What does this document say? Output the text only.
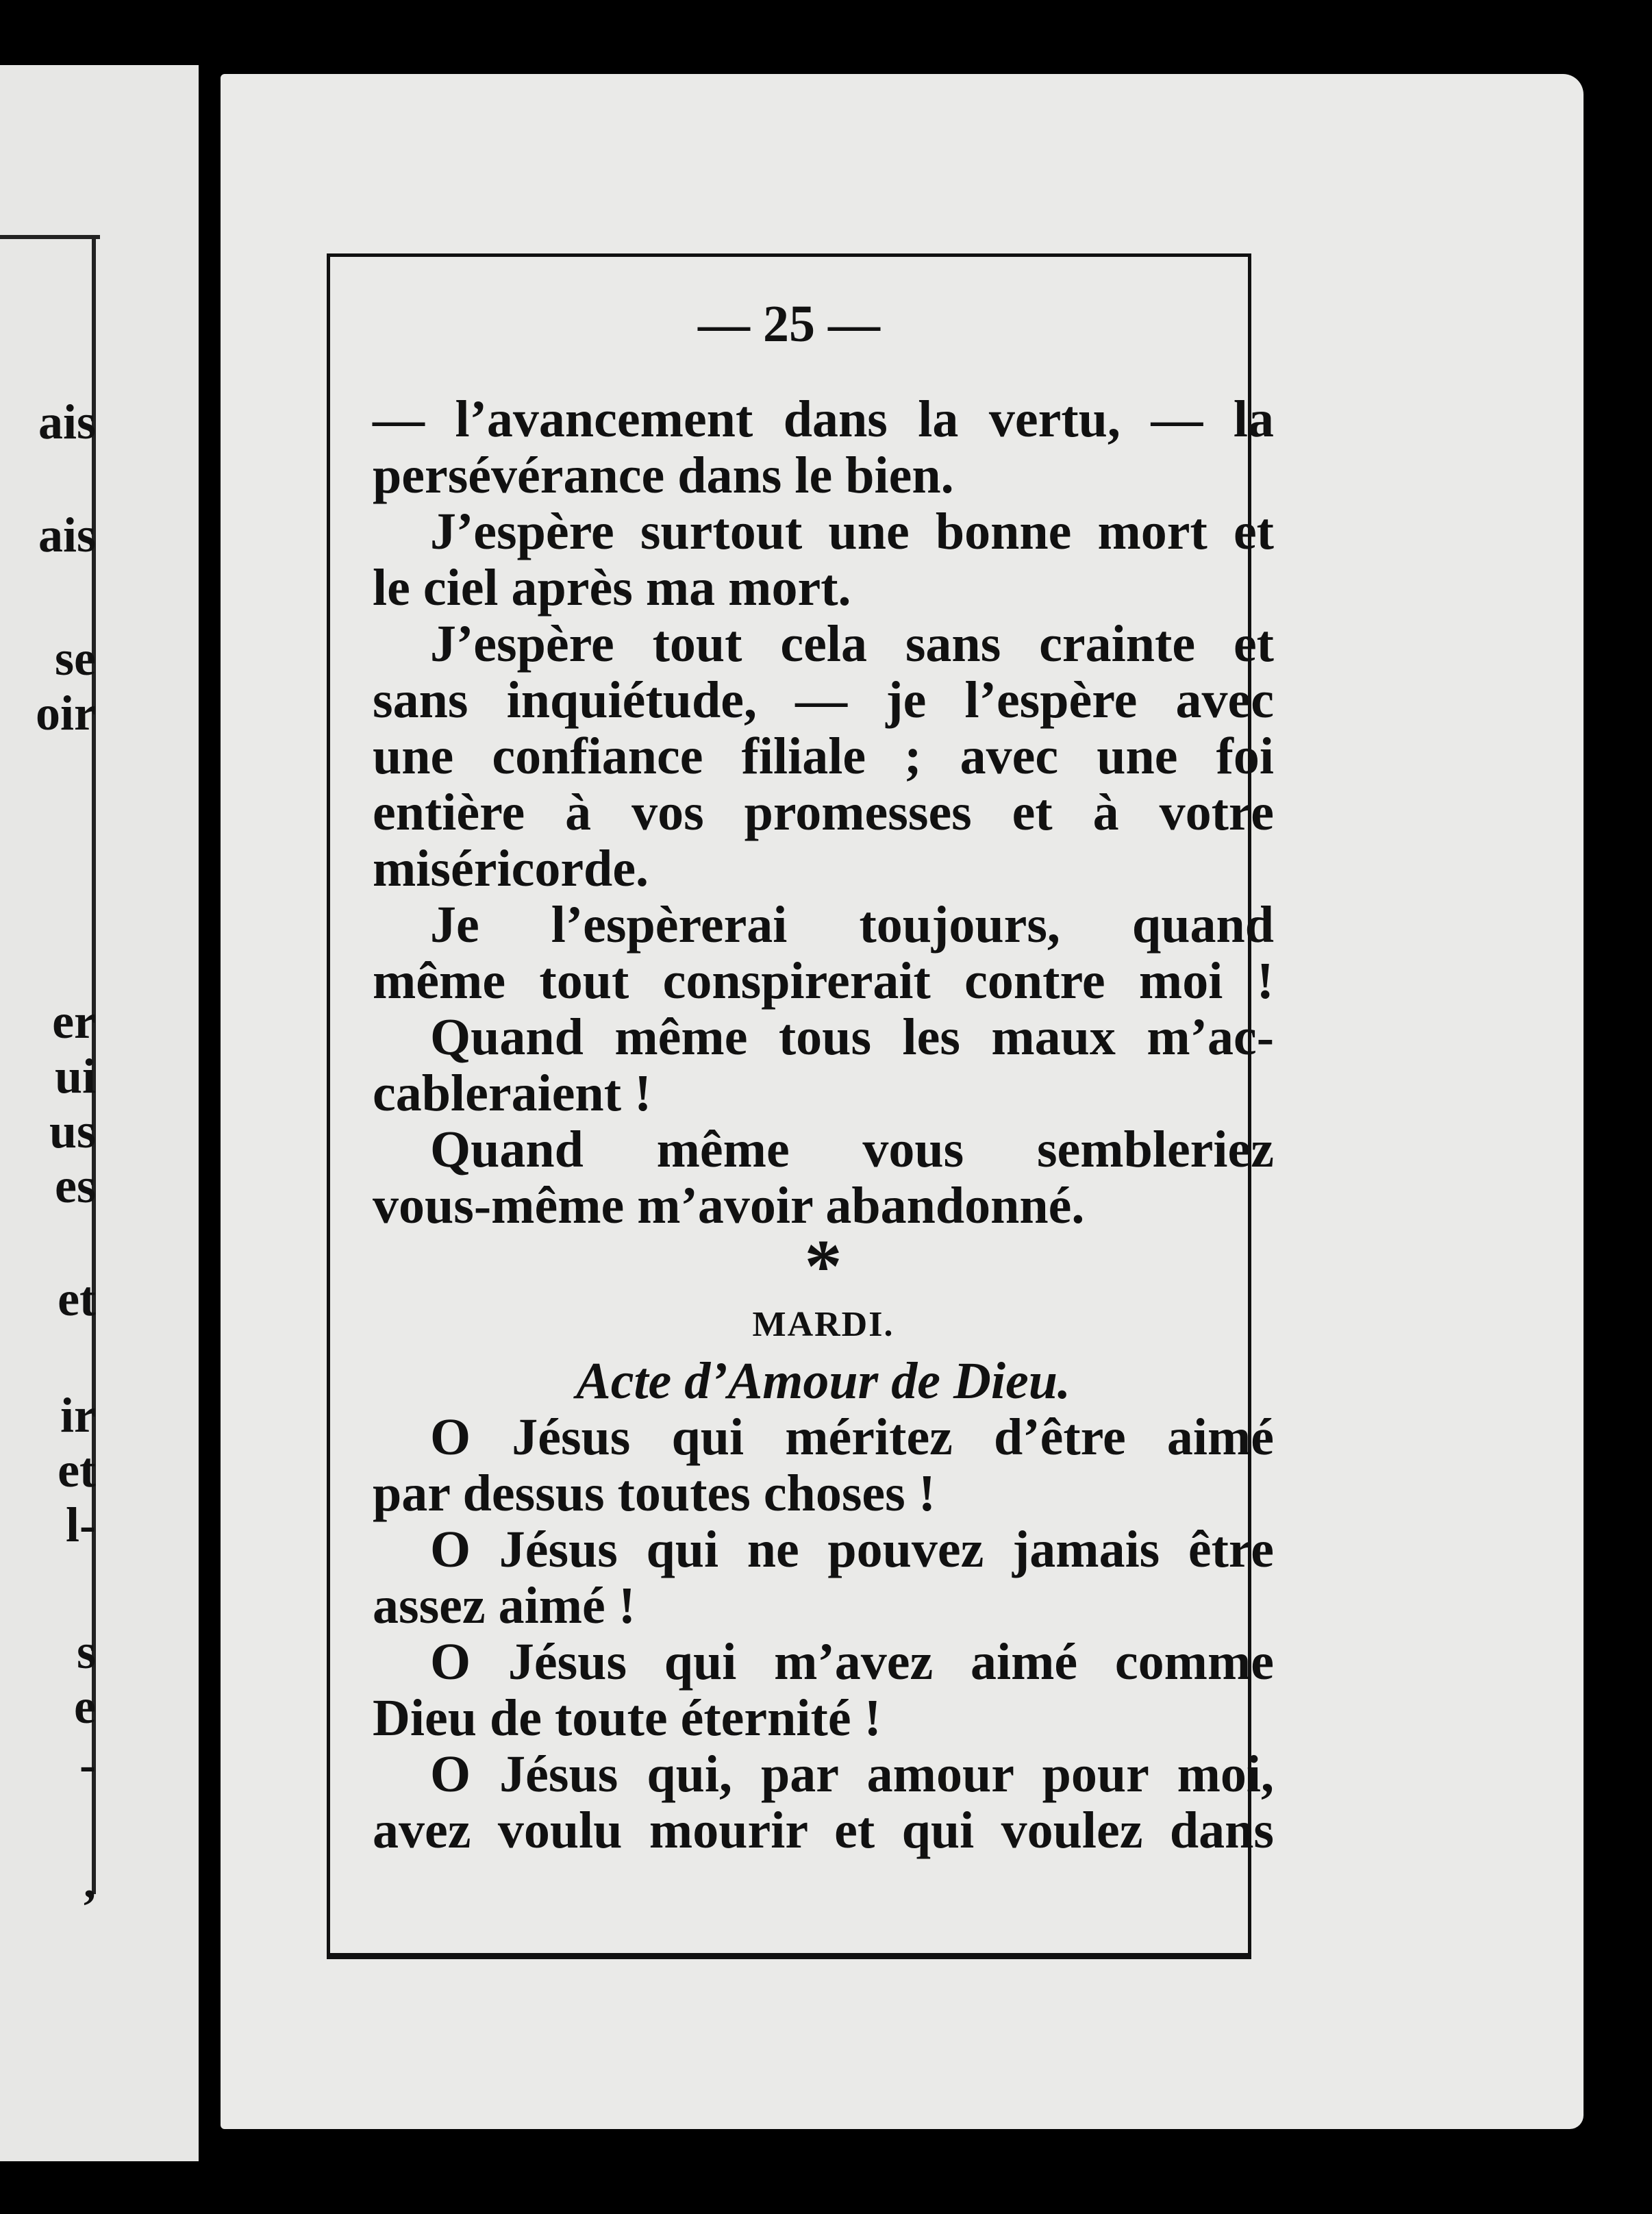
ais
ais
se
oir
er
ui
us
es
et
ir
et
l-
s
e
-
,
— 25 —
— l’avancement dans la vertu, — la
persévérance dans le bien.
J’espère surtout une bonne mort et
le ciel après ma mort.
J’espère tout cela sans crainte et
sans inquiétude, — je l’espère avec
une confiance filiale ; avec une foi
entière à vos promesses et à votre
miséricorde.
Je l’espèrerai toujours, quand
même tout conspirerait contre moi !
Quand même tous les maux m’ac-
cableraient !
Quand même vous sembleriez
vous-même m’avoir abandonné.
*
MARDI.
Acte d’Amour de Dieu.
O Jésus qui méritez d’être aimé
par dessus toutes choses !
O Jésus qui ne pouvez jamais être
assez aimé !
O Jésus qui m’avez aimé comme
Dieu de toute éternité !
O Jésus qui, par amour pour moi,
avez voulu mourir et qui voulez dans
